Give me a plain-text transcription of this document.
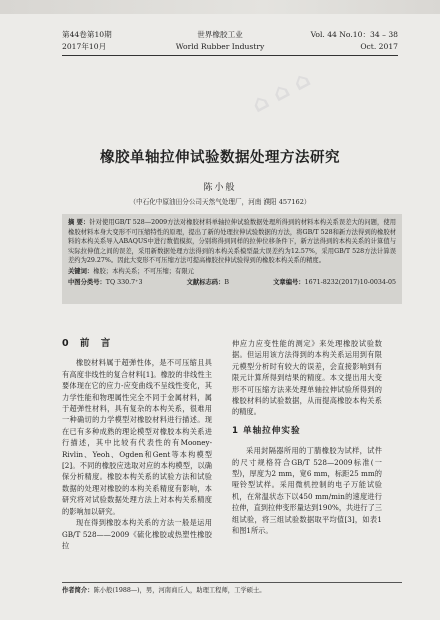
⌂ ⌂ ⌂
第44卷第10期
2017年10月
世界橡胶工业
World Rubber Industry
Vol. 44 No.10：34 – 38
Oct. 2017
橡胶单轴拉伸试验数据处理方法研究
陈小般
（中石化中原油田分公司天然气处理厂，河南 濮阳 457162）
摘 要：针对使用GB/T 528—2009方法对橡胶材料单轴拉伸试验数据处理所得到的材料本构关系误差大的问题，使用橡胶材料本身大变形不可压缩特性的原理，提出了新的处理拉伸试验数据的方法，将GB/T 528和新方法得到的橡胶材料的本构关系导入ABAQUS中进行数值模拟，分别将得到同样的拉伸位移条件下，新方法得到的本构关系的计算值与实际拉伸值之间的误差，采用新数据处理方法得到的本构关系模型最大误差约为12.57%，采用GB/T 528方法计算误差约为29.27%。因此大变形不可压缩方法可提高橡胶拉伸试验得到的橡胶本构关系的精度。
关键词：橡胶；本构关系；不可压缩；有限元
中图分类号：TQ 330.7⁺3	文献标志码：B	文章编号：1671-8232(2017)10-0034-05
0 前 言

橡胶材料属于超弹性体，是不可压缩且具有高度非线性的复合材料[1]。橡胶的非线性主要体现在它的应力-应变曲线不呈线性变化，其力学性能和物理属性完全不同于金属材料，属于超弹性材料，具有复杂的本构关系，很难用一种确切的力学模型对橡胶材料进行描述。现在已有多种成熟的理论模型对橡胶本构关系进行描述，其中比较有代表性的有Mooney-Rivlin、Yeoh、Ogden和Gent等本构模型[2]。不同的橡胶应选取对应的本构模型，以确保分析精度。橡胶本构关系的试验方法和试验数据的处理对橡胶的本构关系精度有影响，本研究将对试验数据处理方法上对本构关系精度的影响加以研究。

现在得到橡胶本构关系的方法一般是运用GB/T 528——2009《硫化橡胶或热塑性橡胶 拉

伸应力应变性能的测定》来处理橡胶试验数据。但运用该方法得到的本构关系运用到有限元模型分析时有较大的误差，会直接影响到有限元计算所得到结果的精度。本文提出用大变形不可压缩方法来处理单轴拉伸试验所得到的橡胶材料的试验数据，从而提高橡胶本构关系的精度。

1 单轴拉伸实验

采用封隔器所用的丁腈橡胶为试样，试件的尺寸规格符合GB/T 528—2009标准(一型)，厚度为2 mm，宽6 mm，标距25 mm的哑铃型试样。采用微机控制的电子万能试验机，在常温状态下以450 mm/min的速度进行拉伸，直到拉伸变形量达到190%，共进行了三组试验，将三组试验数据取平均值[3]，如表1和图1所示。

作者简介：陈小般(1988—)，男，河南商丘人，助理工程师，工学硕士。
